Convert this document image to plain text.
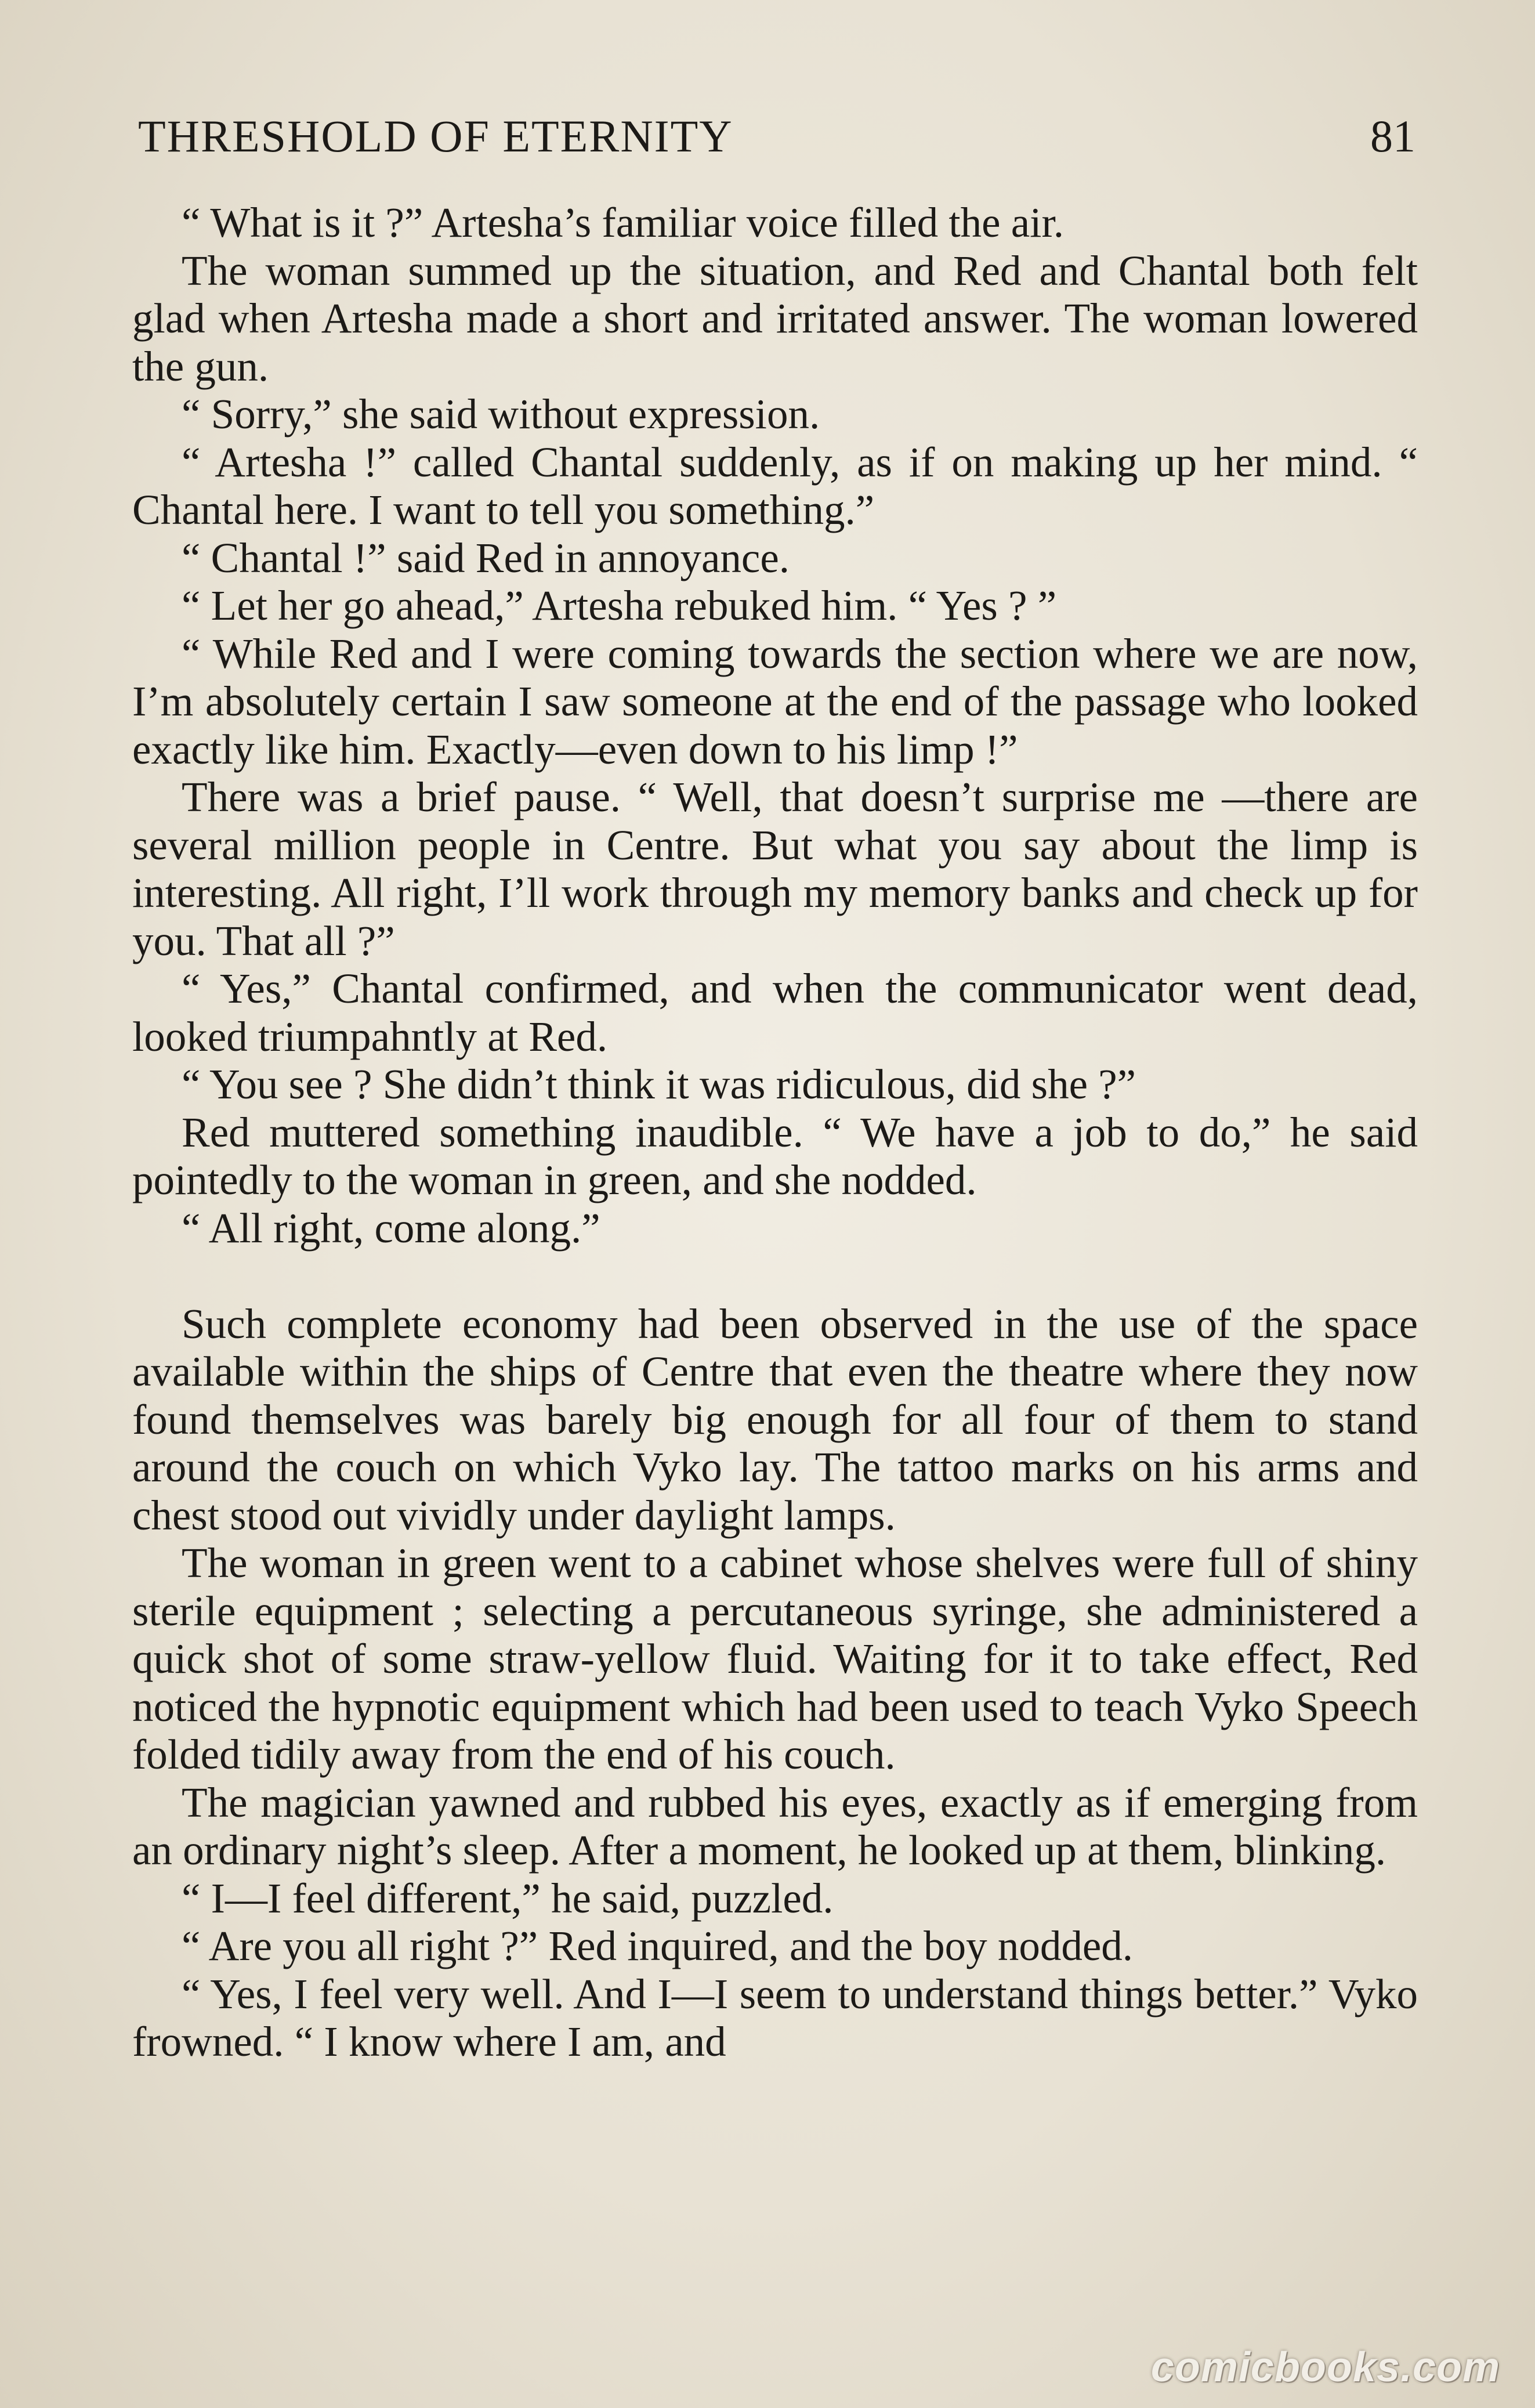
THRESHOLD OF ETERNITY	81

“ What is it ?” Artesha’s familiar voice filled the air.

The woman summed up the situation, and Red and Chantal both felt glad when Artesha made a short and irritated answer. The woman lowered the gun.

“ Sorry,” she said without expression.

“ Artesha !” called Chantal suddenly, as if on making up her mind. “ Chantal here. I want to tell you something.”

“ Chantal !” said Red in annoyance.

“ Let her go ahead,” Artesha rebuked him. “ Yes ? ”

“ While Red and I were coming towards the section where we are now, I’m absolutely certain I saw someone at the end of the passage who looked exactly like him. Exactly—even down to his limp !”

There was a brief pause. “ Well, that doesn’t surprise me —there are several million people in Centre. But what you say about the limp is interesting. All right, I’ll work through my memory banks and check up for you. That all ?”

“ Yes,” Chantal confirmed, and when the communicator went dead, looked triumpahntly at Red.

“ You see ? She didn’t think it was ridiculous, did she ?”

Red muttered something inaudible. “ We have a job to do,” he said pointedly to the woman in green, and she nodded.

“ All right, come along.”

Such complete economy had been observed in the use of the space available within the ships of Centre that even the theatre where they now found themselves was barely big enough for all four of them to stand around the couch on which Vyko lay. The tattoo marks on his arms and chest stood out vividly under daylight lamps.

The woman in green went to a cabinet whose shelves were full of shiny sterile equipment ; selecting a percutaneous syringe, she administered a quick shot of some straw-yellow fluid. Waiting for it to take effect, Red noticed the hypnotic equipment which had been used to teach Vyko Speech folded tidily away from the end of his couch.

The magician yawned and rubbed his eyes, exactly as if emerging from an ordinary night’s sleep. After a moment, he looked up at them, blinking.

“ I—I feel different,” he said, puzzled.

“ Are you all right ?” Red inquired, and the boy nodded.

“ Yes, I feel very well. And I—I seem to understand things better.” Vyko frowned. “ I know where I am, and

comicbooks.com
